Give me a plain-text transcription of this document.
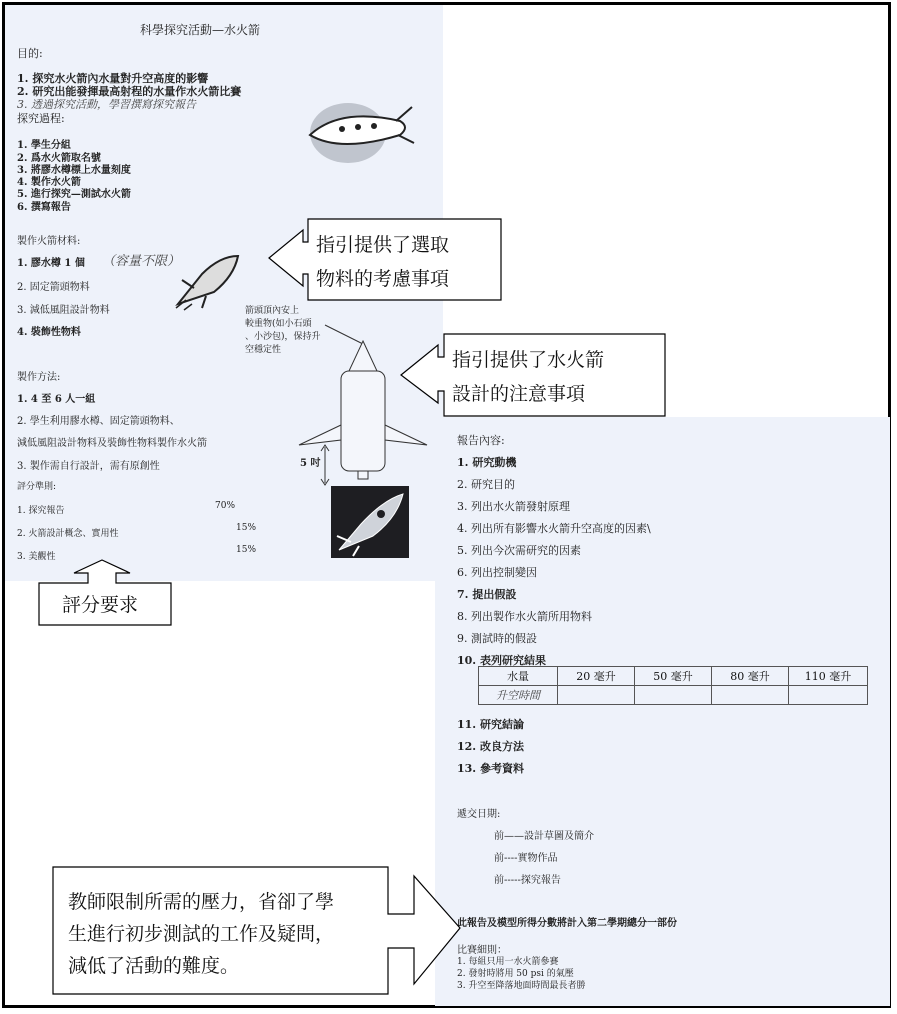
科學探究活動—水火箭
目的:
1. 探究水火箭內水量對升空高度的影響
2. 研究出能發揮最高射程的水量作水火箭比賽
3. 透過探究活動，學習撰寫探究報告
探究過程:
1. 學生分組
2. 爲水火箭取名號
3. 將膠水樽標上水量刻度
4. 製作水火箭
5. 進行探究—測試水火箭
6. 撰寫報告
製作火箭材料:
1. 膠水樽 1 個 （容量不限）
2. 固定箭頭物料
3. 減低風阻設計物料
4. 裝飾性物料
箭頭頂內安上
較重物(如小石頭
、小沙包)，保持升
空穩定性
製作方法:
1. 4 至 6 人一組
2. 學生利用膠水樽、固定箭頭物料、
減低風阻設計物料及裝飾性物料製作水火箭
3. 製作需自行設計，需有原創性	5 吋
評分準則:
1. 探究報告	70%
2. 火箭設計概念、實用性
15%
3. 美觀性
15%
報告內容:
1. 研究動機
2. 研究目的
3. 列出水火箭發射原理
4. 列出所有影響水火箭升空高度的因素\
5. 列出今次需研究的因素
6. 列出控制變因
7. 提出假設
8. 列出製作水火箭所用物料
9. 測試時的假設
10. 表列研究結果
水量	20 毫升	50 毫升	80 毫升	110 毫升
升空時間				
11. 研究結論
12. 改良方法
13. 參考資料
遞交日期:
前——設計草圖及簡介
前----實物作品
前-----探究報告
此報告及模型所得分數將計入第二學期總分一部份
比賽細則：
1. 每組只用一水火箭參賽
2. 發射時將用 50 psi 的氣壓
3. 升空至降落地面時間最長者勝
指引提供了選取
物料的考慮事項
指引提供了水火箭
設計的注意事項
評分要求
教師限制所需的壓力，省卻了學
生進行初步測試的工作及疑問，
減低了活動的難度。
